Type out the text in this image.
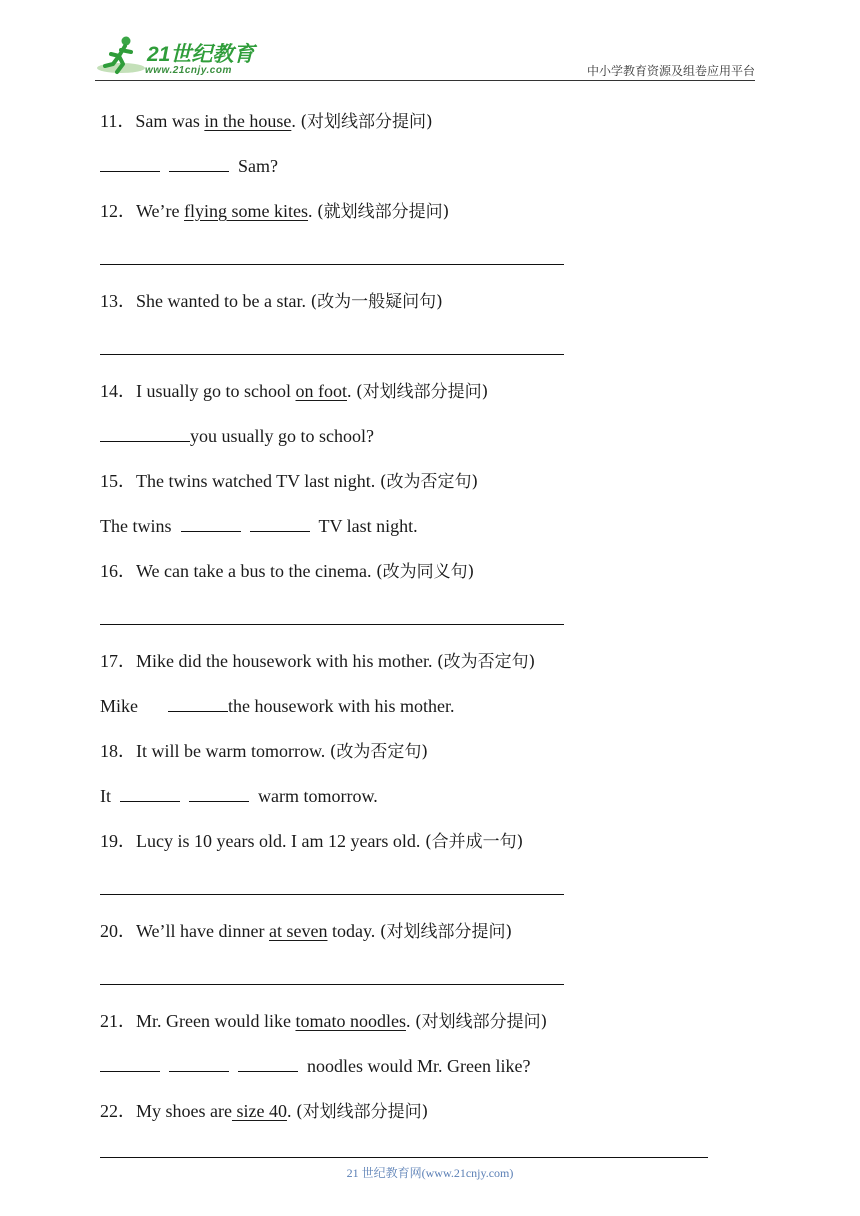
21世纪教育
www.21cnjy.com	中小学教育资源及组卷应用平台
11．Sam was in the house. (对划线部分提问)
Sam?
12．We’re flying some kites. (就划线部分提问)
13．She wanted to be a star. (改为一般疑问句)
14．I usually go to school on foot. (对划线部分提问)
you usually go to school?
15．The twins watched TV last night. (改为否定句)
The twins	TV last night.
16．We can take a bus to the cinema. (改为同义句)
17．Mike did the housework with his mother. (改为否定句)
Mike	the housework with his mother.
18．It will be warm tomorrow. (改为否定句)
It	warm tomorrow.
19．Lucy is 10 years old. I am 12 years old. (合并成一句)
20．We’ll have dinner at seven today. (对划线部分提问)
21．Mr. Green would like tomato noodles. (对划线部分提问)
noodles would Mr. Green like?
22．My shoes are size 40. (对划线部分提问)
21 世纪教育网(www.21cnjy.com)
